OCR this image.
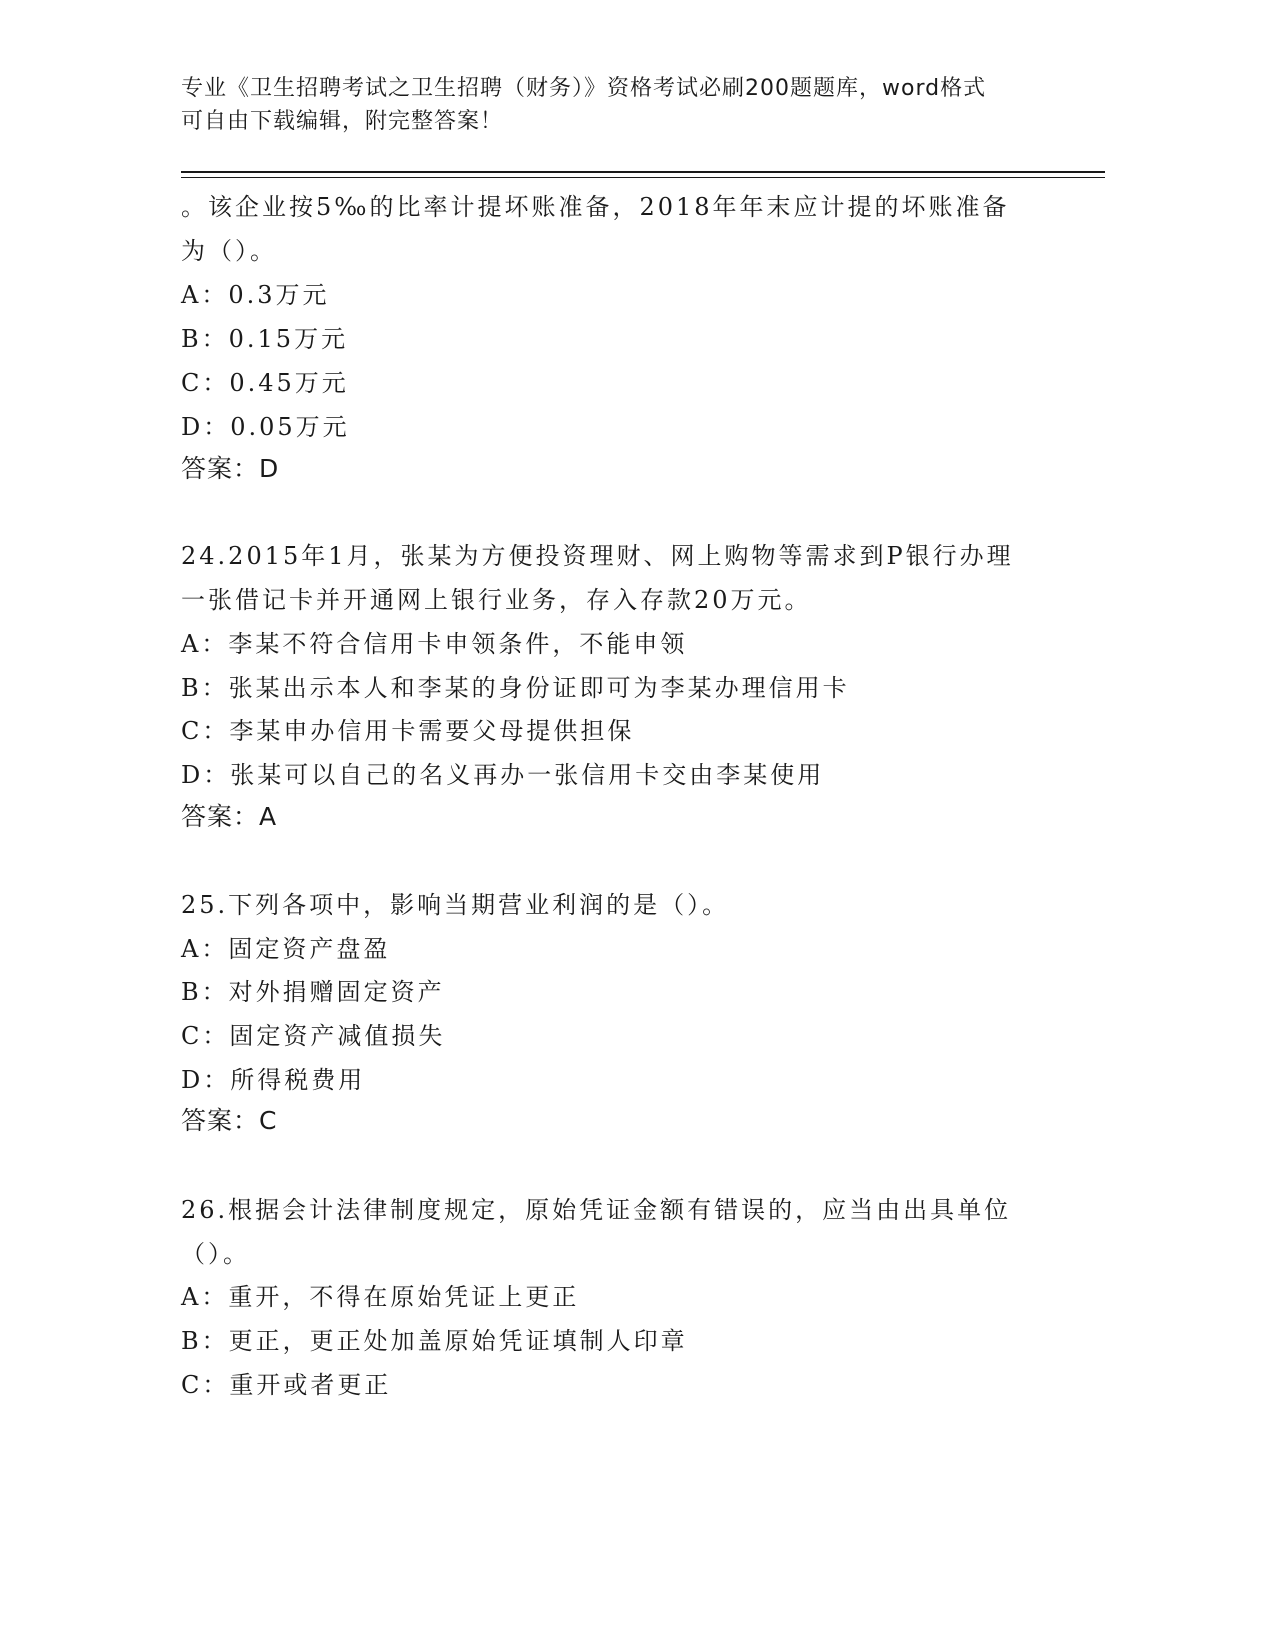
专业《卫生招聘考试之卫生招聘（财务）》资格考试必刷200题题库，word格式
可自由下载编辑，附完整答案！
。该企业按5‰的比率计提坏账准备，2018年年末应计提的坏账准备
为（）。
A：0.3万元
B：0.15万元
C：0.45万元
D：0.05万元
答案：D
24.2015年1月，张某为方便投资理财、网上购物等需求到P银行办理
一张借记卡并开通网上银行业务，存入存款20万元。
A：李某不符合信用卡申领条件，不能申领
B：张某出示本人和李某的身份证即可为李某办理信用卡
C：李某申办信用卡需要父母提供担保
D：张某可以自己的名义再办一张信用卡交由李某使用
答案：A
25.下列各项中，影响当期营业利润的是（）。
A：固定资产盘盈
B：对外捐赠固定资产
C：固定资产减值损失
D：所得税费用
答案：C
26.根据会计法律制度规定，原始凭证金额有错误的，应当由出具单位
（）。
A：重开，不得在原始凭证上更正
B：更正，更正处加盖原始凭证填制人印章
C：重开或者更正
